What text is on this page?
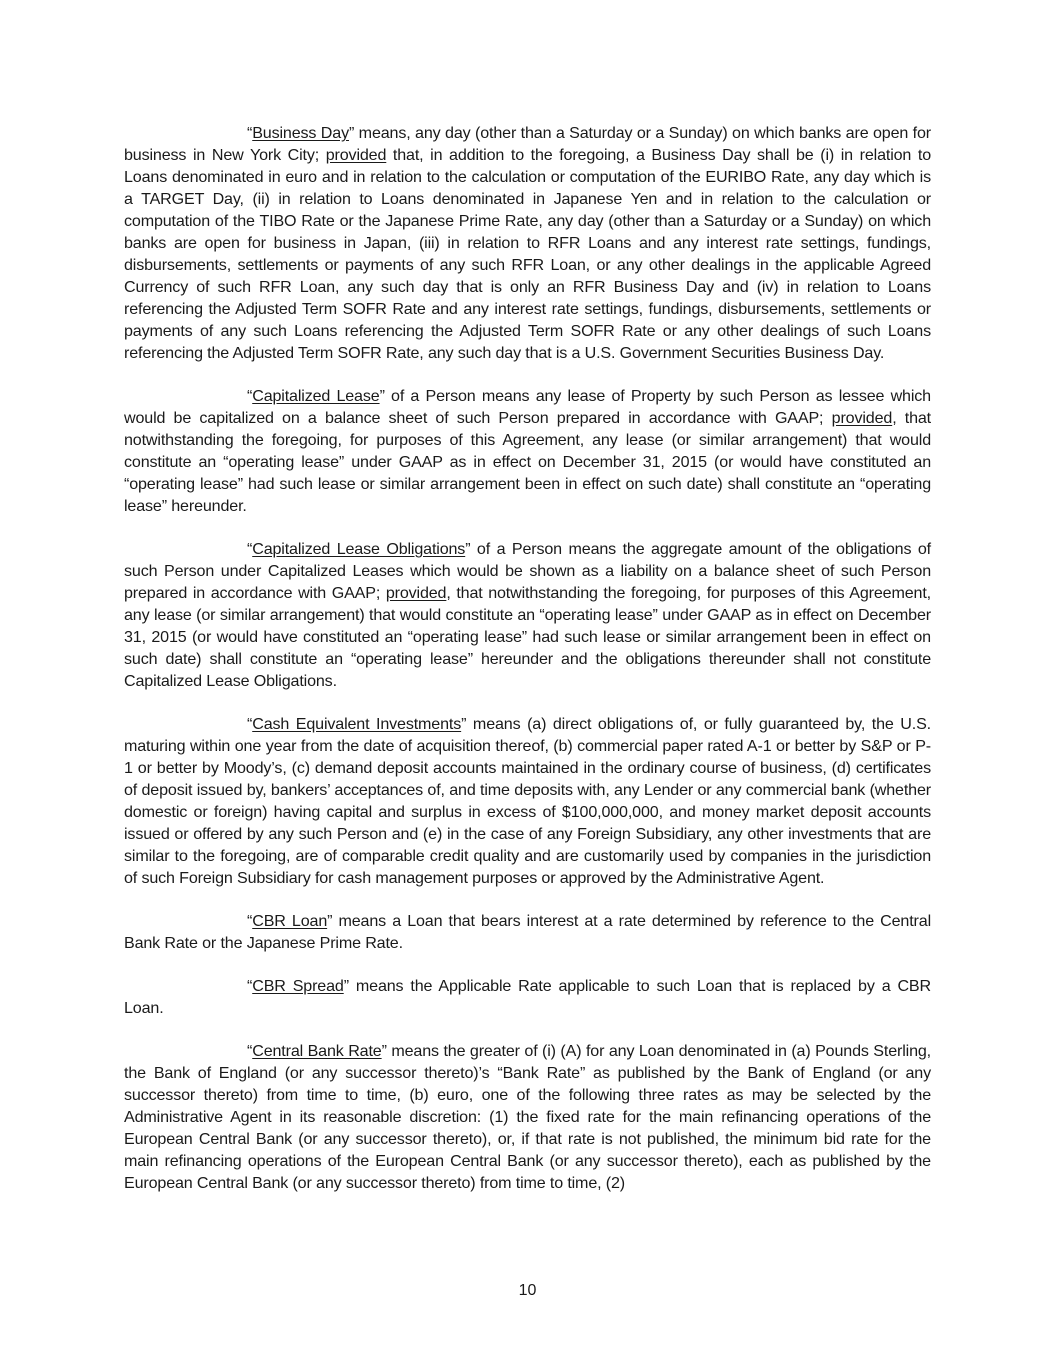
“Business Day” means, any day (other than a Saturday or a Sunday) on which banks are open for business in New York City; provided that, in addition to the foregoing, a Business Day shall be (i) in relation to Loans denominated in euro and in relation to the calculation or computation of the EURIBO Rate, any day which is a TARGET Day, (ii) in relation to Loans denominated in Japanese Yen and in relation to the calculation or computation of the TIBO Rate or the Japanese Prime Rate, any day (other than a Saturday or a Sunday) on which banks are open for business in Japan, (iii) in relation to RFR Loans and any interest rate settings, fundings, disbursements, settlements or payments of any such RFR Loan, or any other dealings in the applicable Agreed Currency of such RFR Loan, any such day that is only an RFR Business Day and (iv) in relation to Loans referencing the Adjusted Term SOFR Rate and any interest rate settings, fundings, disbursements, settlements or payments of any such Loans referencing the Adjusted Term SOFR Rate or any other dealings of such Loans referencing the Adjusted Term SOFR Rate, any such day that is a U.S. Government Securities Business Day.

“Capitalized Lease” of a Person means any lease of Property by such Person as lessee which would be capitalized on a balance sheet of such Person prepared in accordance with GAAP; provided, that notwithstanding the foregoing, for purposes of this Agreement, any lease (or similar arrangement) that would constitute an “operating lease” under GAAP as in effect on December 31, 2015 (or would have constituted an “operating lease” had such lease or similar arrangement been in effect on such date) shall constitute an “operating lease” hereunder.

“Capitalized Lease Obligations” of a Person means the aggregate amount of the obligations of such Person under Capitalized Leases which would be shown as a liability on a balance sheet of such Person prepared in accordance with GAAP; provided, that notwithstanding the foregoing, for purposes of this Agreement, any lease (or similar arrangement) that would constitute an “operating lease” under GAAP as in effect on December 31, 2015 (or would have constituted an “operating lease” had such lease or similar arrangement been in effect on such date) shall constitute an “operating lease” hereunder and the obligations thereunder shall not constitute Capitalized Lease Obligations.

“Cash Equivalent Investments” means (a) direct obligations of, or fully guaranteed by, the U.S. maturing within one year from the date of acquisition thereof, (b) commercial paper rated A-1 or better by S&P or P-1 or better by Moody’s, (c) demand deposit accounts maintained in the ordinary course of business, (d) certificates of deposit issued by, bankers’ acceptances of, and time deposits with, any Lender or any commercial bank (whether domestic or foreign) having capital and surplus in excess of $100,000,000, and money market deposit accounts issued or offered by any such Person and (e) in the case of any Foreign Subsidiary, any other investments that are similar to the foregoing, are of comparable credit quality and are customarily used by companies in the jurisdiction of such Foreign Subsidiary for cash management purposes or approved by the Administrative Agent.

“CBR Loan” means a Loan that bears interest at a rate determined by reference to the Central Bank Rate or the Japanese Prime Rate.

“CBR Spread” means the Applicable Rate applicable to such Loan that is replaced by a CBR Loan.

“Central Bank Rate” means the greater of (i) (A) for any Loan denominated in (a) Pounds Sterling, the Bank of England (or any successor thereto)’s “Bank Rate” as published by the Bank of England (or any successor thereto) from time to time, (b) euro, one of the following three rates as may be selected by the Administrative Agent in its reasonable discretion: (1) the fixed rate for the main refinancing operations of the European Central Bank (or any successor thereto), or, if that rate is not published, the minimum bid rate for the main refinancing operations of the European Central Bank (or any successor thereto), each as published by the European Central Bank (or any successor thereto) from time to time, (2)

10
